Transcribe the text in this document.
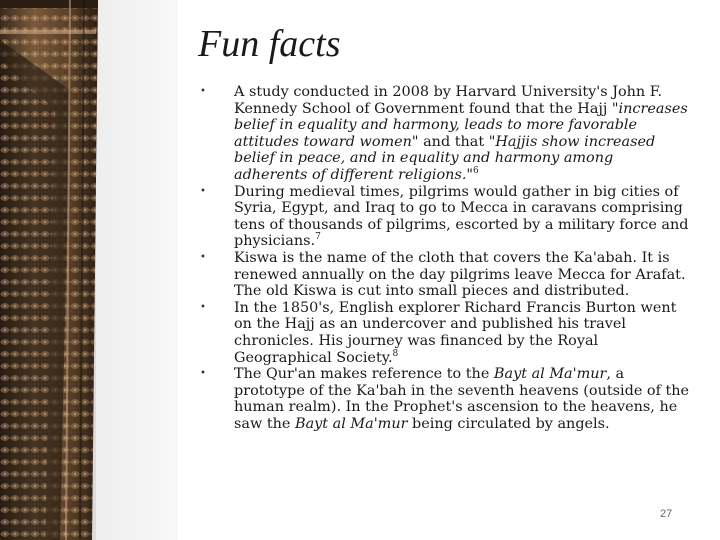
Fun facts
• A study conducted in 2008 by Harvard University's John F. Kennedy School of Government found that the Hajj "increases belief in equality and harmony, leads to more favorable attitudes toward women" and that "Hajjis show increased belief in peace, and in equality and harmony among adherents of different religions."$^6$
• During medieval times, pilgrims would gather in big cities of Syria, Egypt, and Iraq to go to Mecca in caravans comprising tens of thousands of pilgrims, escorted by a military force and physicians.$^7$
• Kiswa is the name of the cloth that covers the Ka'abah. It is renewed annually on the day pilgrims leave Mecca for Arafat. The old Kiswa is cut into small pieces and distributed.
• In the 1850's, English explorer Richard Francis Burton went on the Hajj as an undercover and published his travel chronicles. His journey was financed by the Royal Geographical Society.$^8$
• The Qur'an makes reference to the Bayt al Ma'mur, a prototype of the Ka'bah in the seventh heavens (outside of the human realm). In the Prophet's ascension to the heavens, he saw the Bayt al Ma'mur being circulated by angels.
27
